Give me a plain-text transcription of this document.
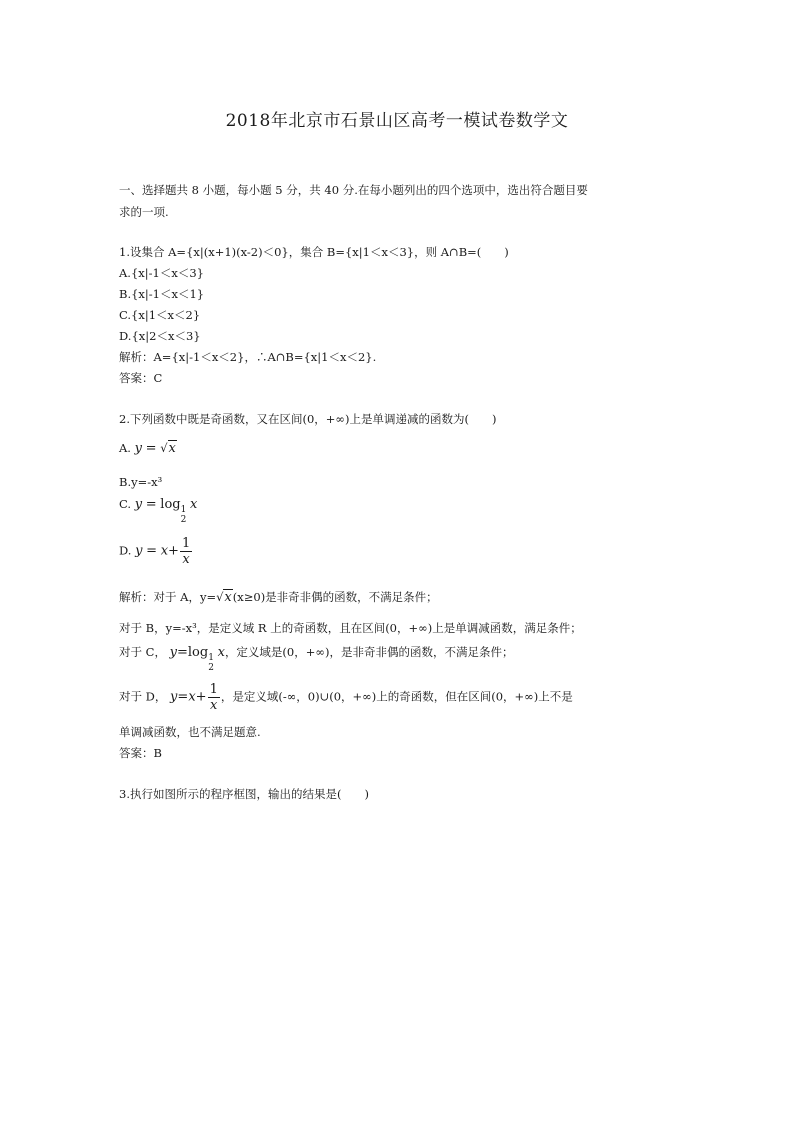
2018年北京市石景山区高考一模试卷数学文
一、选择题共 8 小题，每小题 5 分，共 40 分.在每小题列出的四个选项中，选出符合题目要
求的一项.
1.设集合 A={x|(x+1)(x-2)＜0}，集合 B={x|1＜x＜3}，则 A∩B=(　　)
A.{x|-1＜x＜3}
B.{x|-1＜x＜1}
C.{x|1＜x＜2}
D.{x|2＜x＜3}
解析：A={x|-1＜x＜2}，∴A∩B={x|1＜x＜2}.
答案：C
2.下列函数中既是奇函数，又在区间(0，+∞)上是单调递减的函数为(　　)
A. y = √x
B.y=-x³
C. y = log 1
2
x
D. $y = x+ \frac{1}{x}$
解析：对于 A，y=√x(x≥0)是非奇非偶的函数，不满足条件；
对于 B，y=-x³，是定义域 R 上的奇函数，且在区间(0，+∞)上是单调减函数，满足条件；
对于 C， y=log 1
2
x，定义域是(0，+∞)，是非奇非偶的函数，不满足条件；
对于 D， $y=x+ \frac{1}{x}$ ，是定义域(-∞，0)∪(0，+∞)上的奇函数，但在区间(0，+∞)上不是
单调减函数，也不满足题意.
答案：B
3.执行如图所示的程序框图，输出的结果是(　　)
